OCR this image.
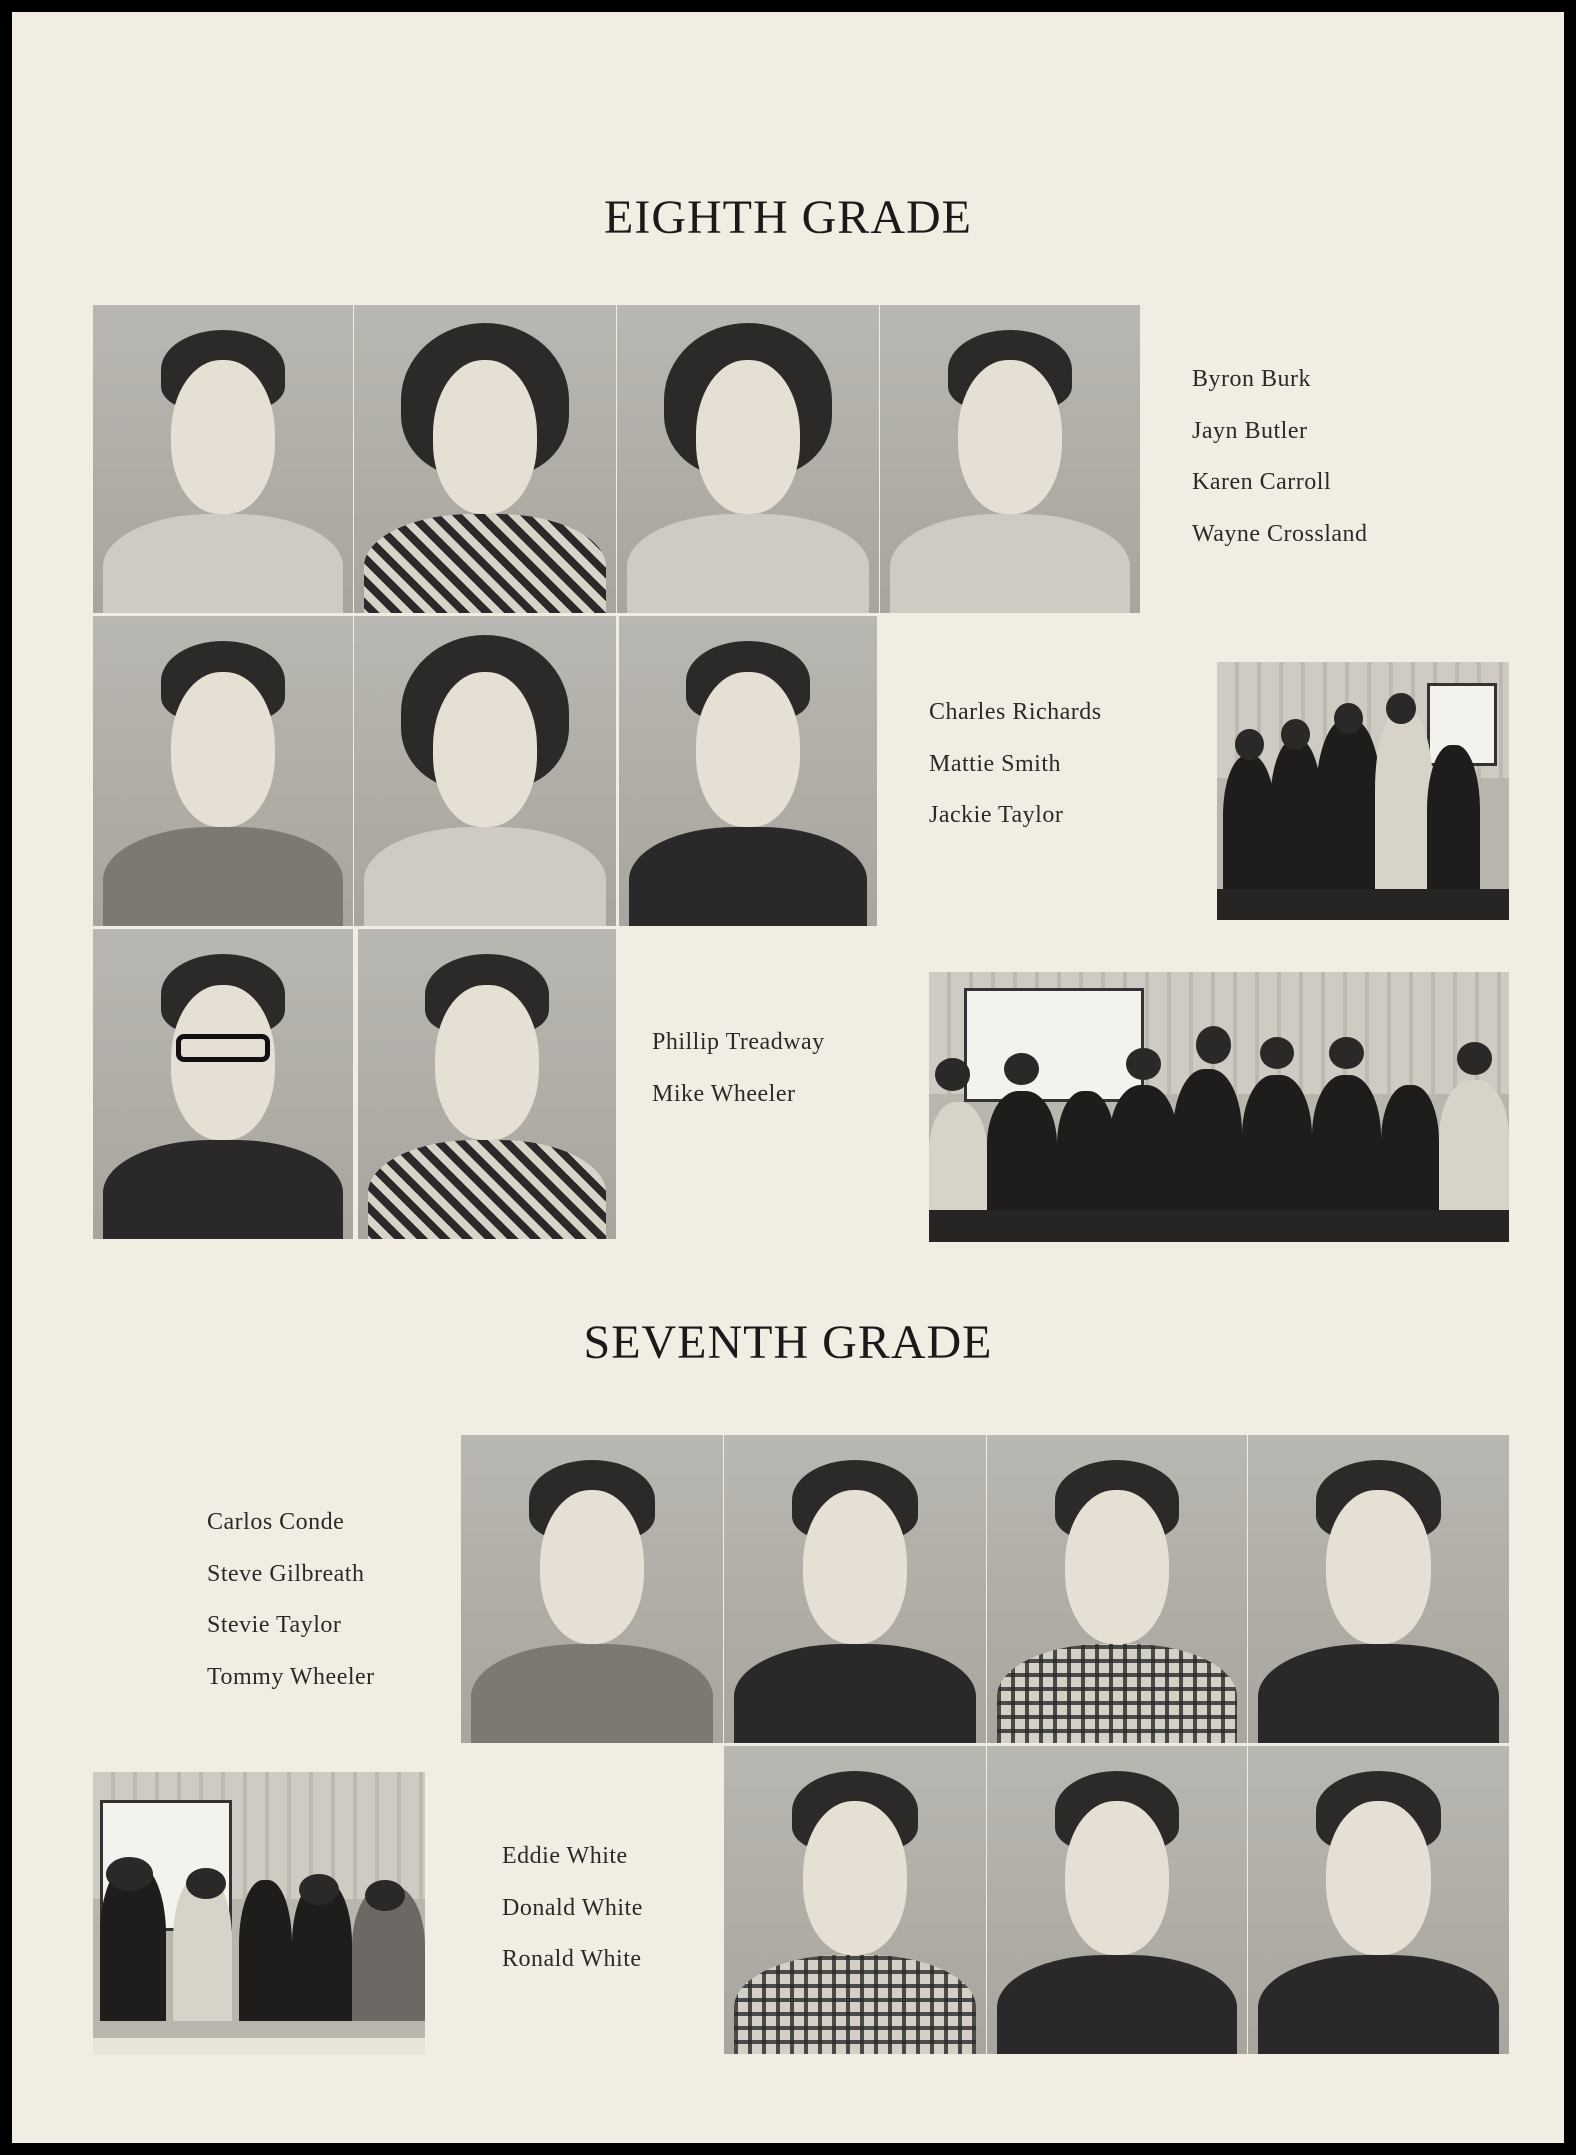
EIGHTH GRADE
Byron Burk
Jayn Butler
Karen Carroll
Wayne Crossland
Charles Richards
Mattie Smith
Jackie Taylor
Phillip Treadway
Mike Wheeler
SEVENTH GRADE
Carlos Conde
Steve Gilbreath
Stevie Taylor
Tommy Wheeler
Eddie White
Donald White
Ronald White
